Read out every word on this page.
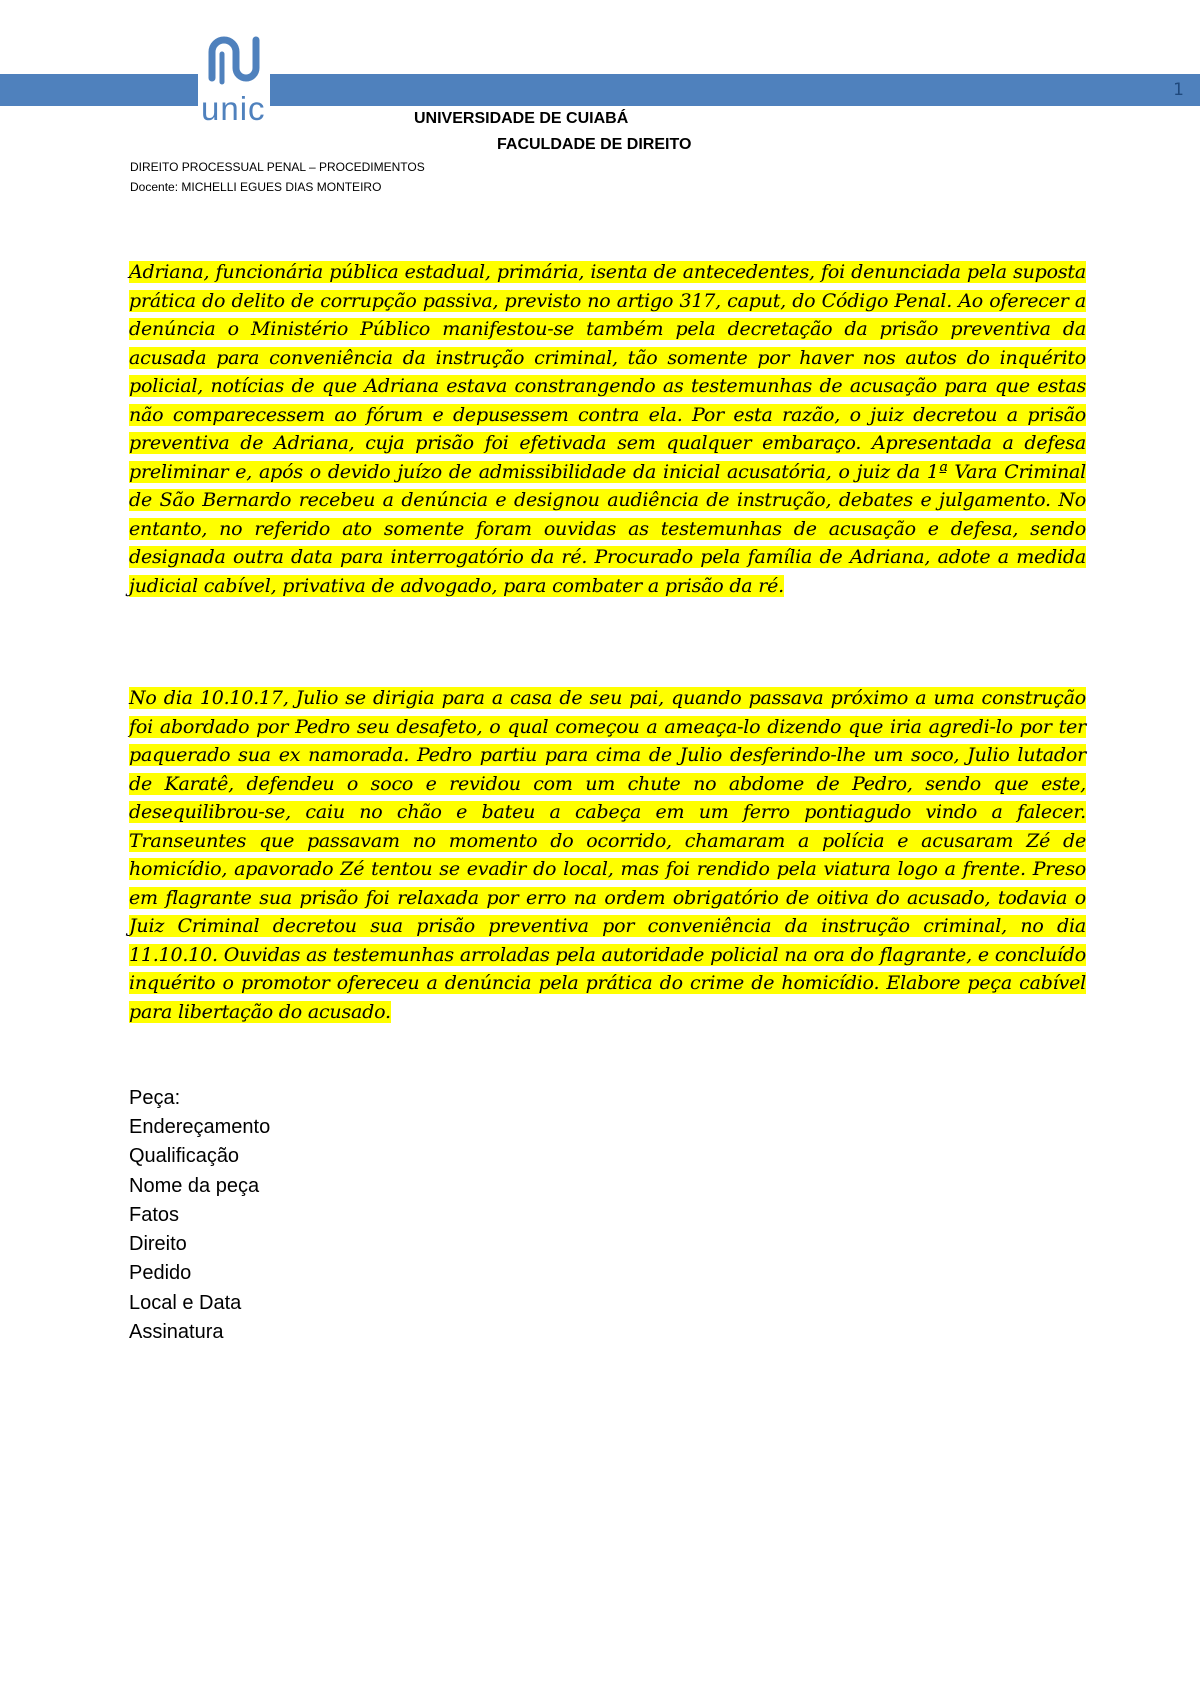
1
unic	UNIVERSIDADE DE CUIABÁ
FACULDADE DE DIREITO
DIREITO PROCESSUAL PENAL – PROCEDIMENTOS
Docente: MICHELLI EGUES DIAS MONTEIRO

Adriana, funcionária pública estadual, primária, isenta de antecedentes, foi denunciada pela suposta prática do delito de corrupção passiva, previsto no artigo 317, caput, do Código Penal. Ao oferecer a denúncia o Ministério Público manifestou-se também pela decretação da prisão preventiva da acusada para conveniência da instrução criminal, tão somente por haver nos autos do inquérito policial, notícias de que Adriana estava constrangendo as testemunhas de acusação para que estas não comparecessem ao fórum e depusessem contra ela. Por esta razão, o juiz decretou a prisão preventiva de Adriana, cuja prisão foi efetivada sem qualquer embaraço. Apresentada a defesa preliminar e, após o devido juízo de admissibilidade da inicial acusatória, o juiz da 1ª Vara Criminal de São Bernardo recebeu a denúncia e designou audiência de instrução, debates e julgamento. No entanto, no referido ato somente foram ouvidas as testemunhas de acusação e defesa, sendo designada outra data para interrogatório da ré. Procurado pela família de Adriana, adote a medida judicial cabível, privativa de advogado, para combater a prisão da ré.

No dia 10.10.17, Julio se dirigia para a casa de seu pai, quando passava próximo a uma construção foi abordado por Pedro seu desafeto, o qual começou a ameaça-lo dizendo que iria agredi-lo por ter paquerado sua ex namorada. Pedro partiu para cima de Julio desferindo-lhe um soco, Julio lutador de Karatê, defendeu o soco e revidou com um chute no abdome de Pedro, sendo que este, desequilibrou-se, caiu no chão e bateu a cabeça em um ferro pontiagudo vindo a falecer. Transeuntes que passavam no momento do ocorrido, chamaram a polícia e acusaram Zé de homicídio, apavorado Zé tentou se evadir do local, mas foi rendido pela viatura logo a frente. Preso em flagrante sua prisão foi relaxada por erro na ordem obrigatório de oitiva do acusado, todavia o Juiz Criminal decretou sua prisão preventiva por conveniência da instrução criminal, no dia 11.10.10. Ouvidas as testemunhas arroladas pela autoridade policial na ora do flagrante, e concluído inquérito o promotor ofereceu a denúncia pela prática do crime de homicídio. Elabore peça cabível para libertação do acusado.

Peça:
Endereçamento
Qualificação
Nome da peça
Fatos
Direito
Pedido
Local e Data
Assinatura
